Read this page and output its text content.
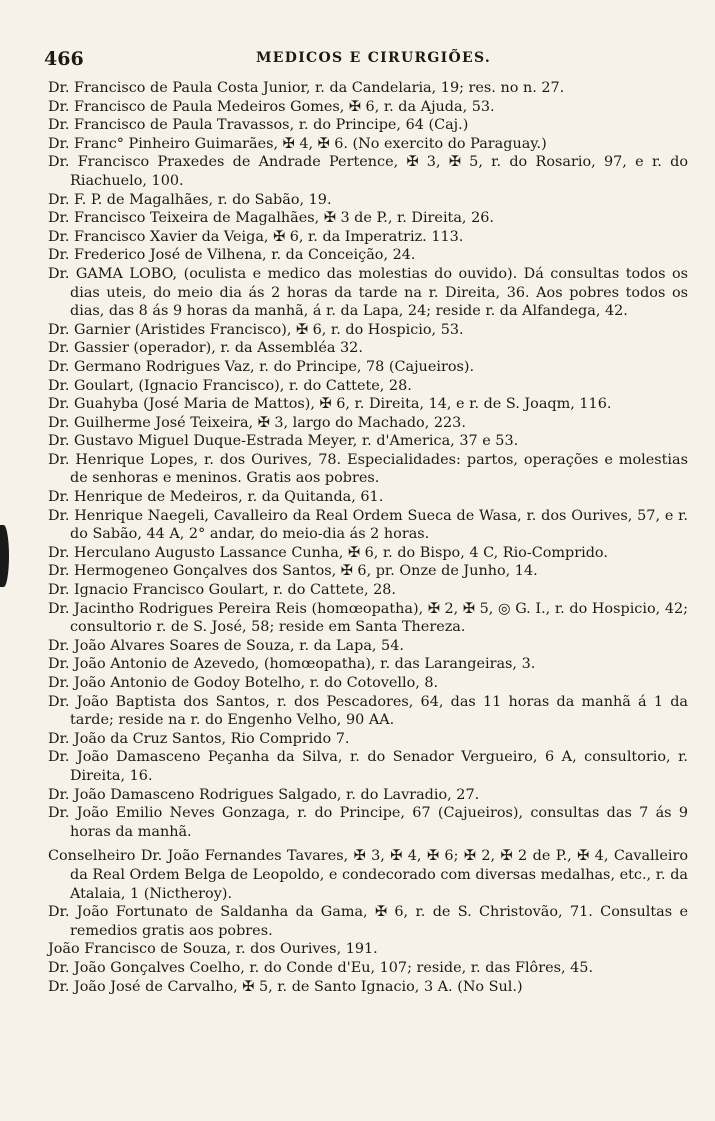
466	MEDICOS E CIRURGIÕES.

Dr. Francisco de Paula Costa Junior, r. da Candelaria, 19; res. no n. 27.

Dr. Francisco de Paula Medeiros Gomes, ✠ 6, r. da Ajuda, 53.

Dr. Francisco de Paula Travassos, r. do Principe, 64 (Caj.)

Dr. Franc° Pinheiro Guimarães, ✠ 4, ✠ 6. (No exercito do Paraguay.)

Dr. Francisco Praxedes de Andrade Pertence, ✠ 3, ✠ 5, r. do Rosario, 97, e r. do Riachuelo, 100.

Dr. F. P. de Magalhães, r. do Sabão, 19.

Dr. Francisco Teixeira de Magalhães, ✠ 3 de P., r. Direita, 26.

Dr. Francisco Xavier da Veiga, ✠ 6, r. da Imperatriz. 113.

Dr. Frederico José de Vilhena, r. da Conceição, 24.

Dr. GAMA LOBO, (oculista e medico das molestias do ouvido). Dá consultas todos os dias uteis, do meio dia ás 2 horas da tarde na r. Direita, 36. Aos pobres todos os dias, das 8 ás 9 horas da manhã, á r. da Lapa, 24; reside r. da Alfandega, 42.

Dr. Garnier (Aristides Francisco), ✠ 6, r. do Hospicio, 53.

Dr. Gassier (operador), r. da Assembléa 32.

Dr. Germano Rodrigues Vaz, r. do Principe, 78 (Cajueiros).

Dr. Goulart, (Ignacio Francisco), r. do Cattete, 28.

Dr. Guahyba (José Maria de Mattos), ✠ 6, r. Direita, 14, e r. de S. Joaqm, 116.

Dr. Guilherme José Teixeira, ✠ 3, largo do Machado, 223.

Dr. Gustavo Miguel Duque-Estrada Meyer, r. d'America, 37 e 53.

Dr. Henrique Lopes, r. dos Ourives, 78. Especialidades: partos, operações e molestias de senhoras e meninos. Gratis aos pobres.

Dr. Henrique de Medeiros, r. da Quitanda, 61.

Dr. Henrique Naegeli, Cavalleiro da Real Ordem Sueca de Wasa, r. dos Ourives, 57, e r. do Sabão, 44 A, 2° andar, do meio-dia ás 2 horas.

Dr. Herculano Augusto Lassance Cunha, ✠ 6, r. do Bispo, 4 C, Rio-Comprido.

Dr. Hermogeneo Gonçalves dos Santos, ✠ 6, pr. Onze de Junho, 14.

Dr. Ignacio Francisco Goulart, r. do Cattete, 28.

Dr. Jacintho Rodrigues Pereira Reis (homœopatha), ✠ 2, ✠ 5, ◎ G. I., r. do Hospicio, 42; consultorio r. de S. José, 58; reside em Santa Thereza.

Dr. João Alvares Soares de Souza, r. da Lapa, 54.

Dr. João Antonio de Azevedo, (homœopatha), r. das Larangeiras, 3.

Dr. João Antonio de Godoy Botelho, r. do Cotovello, 8.

Dr. João Baptista dos Santos, r. dos Pescadores, 64, das 11 horas da manhã á 1 da tarde; reside na r. do Engenho Velho, 90 AA.

Dr. João da Cruz Santos, Rio Comprido 7.

Dr. João Damasceno Peçanha da Silva, r. do Senador Vergueiro, 6 A, consultorio, r. Direita, 16.

Dr. João Damasceno Rodrigues Salgado, r. do Lavradio, 27.

Dr. João Emilio Neves Gonzaga, r. do Principe, 67 (Cajueiros), consultas das 7 ás 9 horas da manhã.

Conselheiro Dr. João Fernandes Tavares, ✠ 3, ✠ 4, ✠ 6; ✠ 2, ✠ 2 de P., ✠ 4, Cavalleiro da Real Ordem Belga de Leopoldo, e condecorado com diversas medalhas, etc., r. da Atalaia, 1 (Nictheroy).

Dr. João Fortunato de Saldanha da Gama, ✠ 6, r. de S. Christovão, 71. Consultas e remedios gratis aos pobres.

João Francisco de Souza, r. dos Ourives, 191.

Dr. João Gonçalves Coelho, r. do Conde d'Eu, 107; reside, r. das Flôres, 45.

Dr. João José de Carvalho, ✠ 5, r. de Santo Ignacio, 3 A. (No Sul.)
